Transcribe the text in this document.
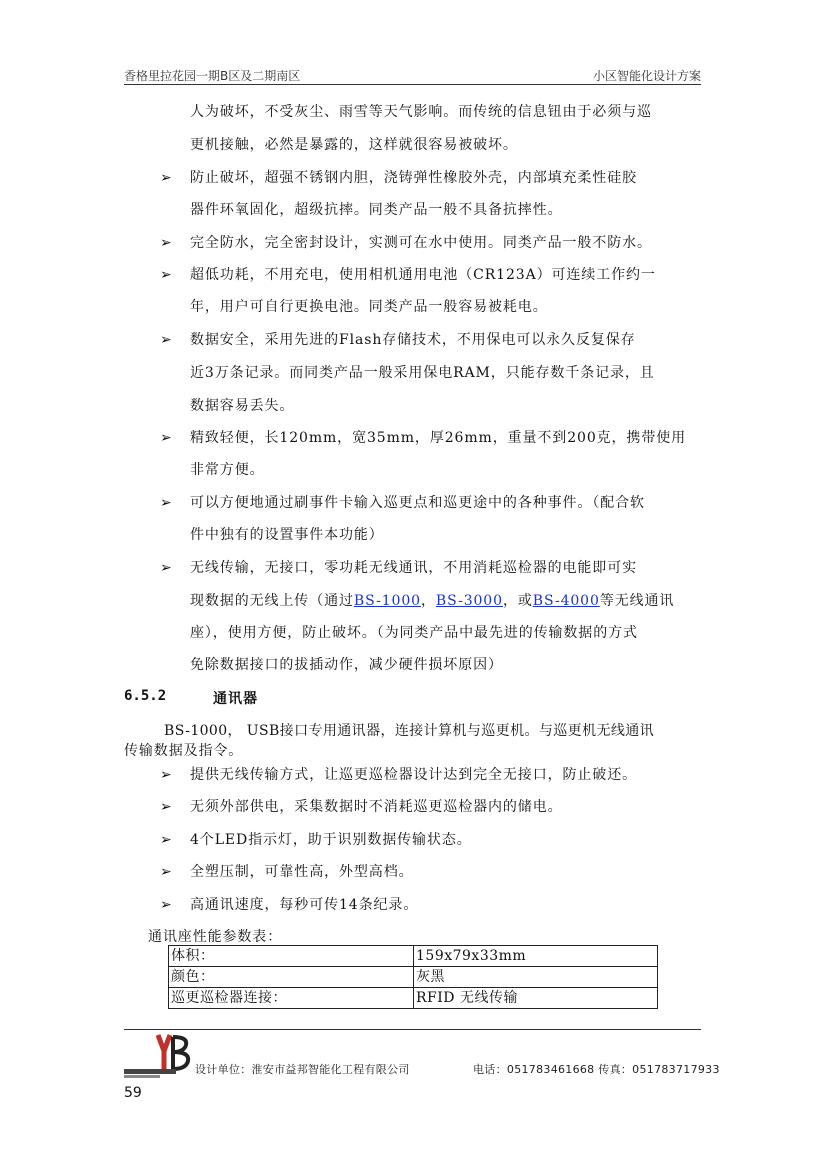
香格里拉花园一期B区及二期南区	小区智能化设计方案
人为破坏，不受灰尘、雨雪等天气影响。而传统的信息钮由于必须与巡
更机接触，必然是暴露的，这样就很容易被破坏。
➢ 防止破坏，超强不锈钢内胆，浇铸弹性橡胶外壳，内部填充柔性硅胶
器件环氧固化，超级抗摔。同类产品一般不具备抗摔性。
➢ 完全防水，完全密封设计，实测可在水中使用。同类产品一般不防水。
➢ 超低功耗，不用充电，使用相机通用电池（CR123A）可连续工作约一
年，用户可自行更换电池。同类产品一般容易被耗电。
➢ 数据安全，采用先进的Flash存储技术，不用保电可以永久反复保存
近3万条记录。而同类产品一般采用保电RAM，只能存数千条记录，且
数据容易丢失。
➢ 精致轻便，长120mm，宽35mm，厚26mm，重量不到200克，携带使用
非常方便。
➢ 可以方便地通过刷事件卡输入巡更点和巡更途中的各种事件。（配合软
件中独有的设置事件本功能）
➢ 无线传输，无接口，零功耗无线通讯，不用消耗巡检器的电能即可实
现数据的无线上传（通过BS-1000，BS-3000，或BS-4000等无线通讯
座），使用方便，防止破坏。（为同类产品中最先进的传输数据的方式
免除数据接口的拔插动作，减少硬件损坏原因）
6.5.2	通讯器
BS-1000， USB接口专用通讯器，连接计算机与巡更机。与巡更机无线通讯
传输数据及指令。
➢ 提供无线传输方式，让巡更巡检器设计达到完全无接口，防止破还。
➢ 无须外部供电，采集数据时不消耗巡更巡检器内的储电。
➢ 4个LED指示灯，助于识别数据传输状态。
➢ 全塑压制，可靠性高，外型高档。
➢ 高通讯速度，每秒可传14条纪录。
通讯座性能参数表：
体积：	159x79x33mm
颜色：	灰黑
巡更巡检器连接：	RFID 无线传输
设计单位：淮安市益邦智能化工程有限公司	电话：051783461668 传真：051783717933
59
